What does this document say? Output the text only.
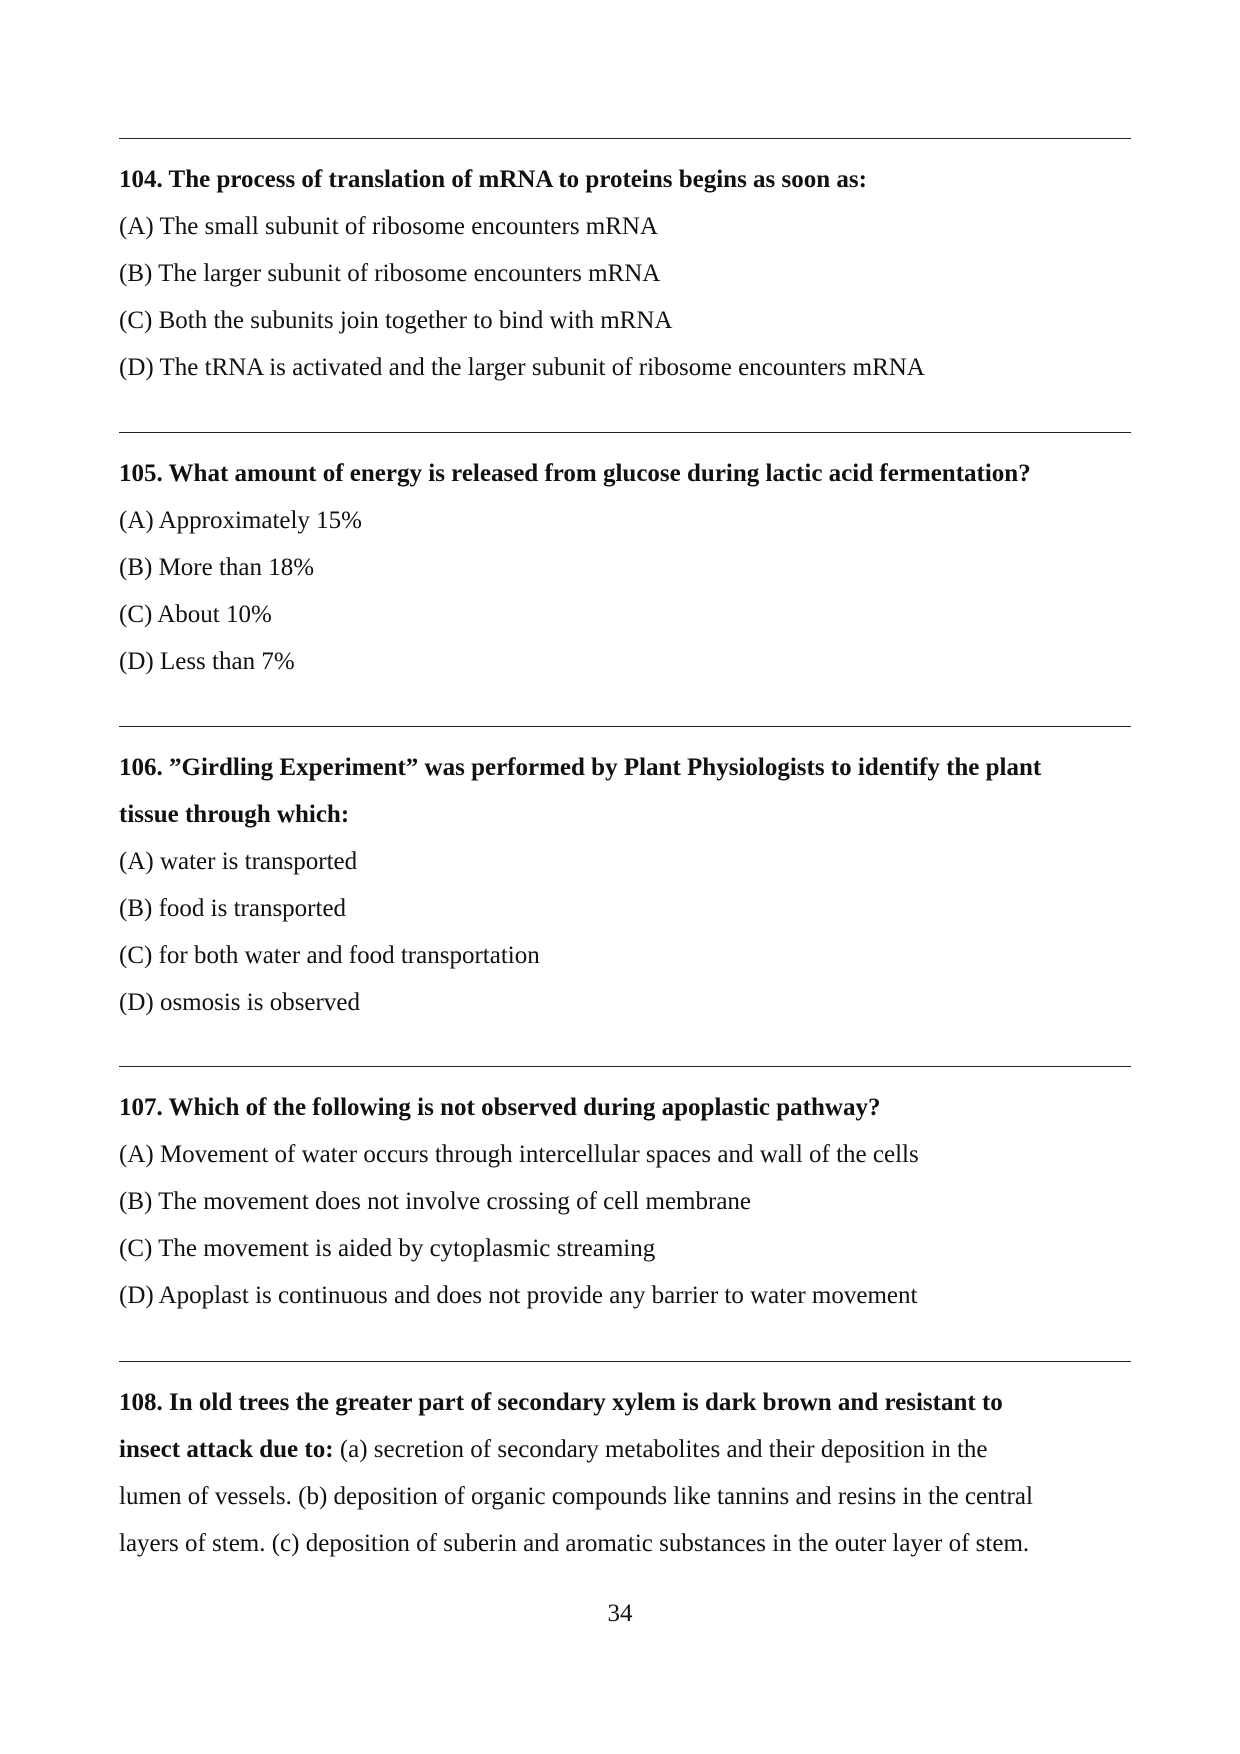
104. The process of translation of mRNA to proteins begins as soon as:
(A) The small subunit of ribosome encounters mRNA
(B) The larger subunit of ribosome encounters mRNA
(C) Both the subunits join together to bind with mRNA
(D) The tRNA is activated and the larger subunit of ribosome encounters mRNA
105. What amount of energy is released from glucose during lactic acid fermentation?
(A) Approximately 15%
(B) More than 18%
(C) About 10%
(D) Less than 7%
106. ”Girdling Experiment” was performed by Plant Physiologists to identify the plant
tissue through which:
(A) water is transported
(B) food is transported
(C) for both water and food transportation
(D) osmosis is observed
107. Which of the following is not observed during apoplastic pathway?
(A) Movement of water occurs through intercellular spaces and wall of the cells
(B) The movement does not involve crossing of cell membrane
(C) The movement is aided by cytoplasmic streaming
(D) Apoplast is continuous and does not provide any barrier to water movement
108. In old trees the greater part of secondary xylem is dark brown and resistant to
insect attack due to: (a) secretion of secondary metabolites and their deposition in the
lumen of vessels. (b) deposition of organic compounds like tannins and resins in the central
layers of stem. (c) deposition of suberin and aromatic substances in the outer layer of stem.
34
